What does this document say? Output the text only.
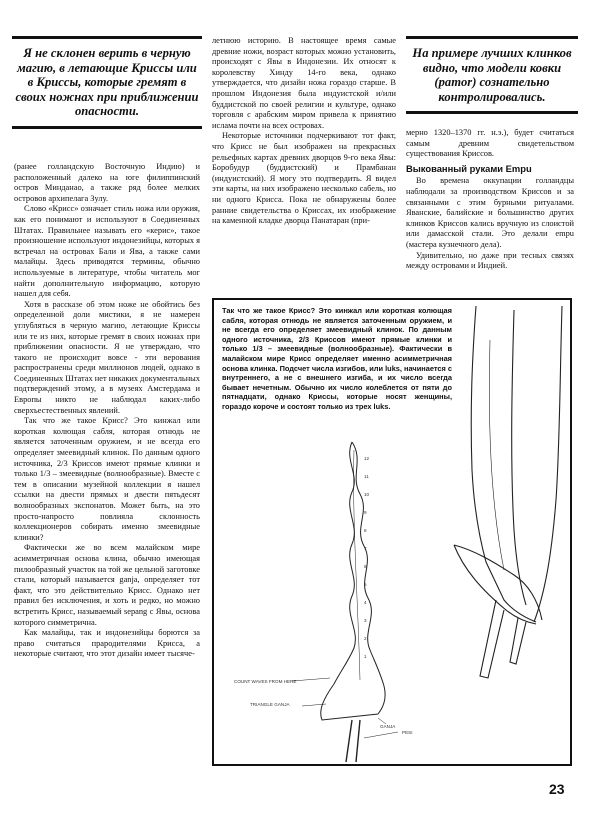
Я не склонен верить в черную магию, в летающие Криссы или в Криссы, которые гремят в своих ножнах при приближении опасности.

(ранее голландскую Восточную Индию) и расположенный далеко на юге филиппинский остров Минданао, а также ряд более мелких островов архипелага Зулу.

Слово «Крисс» означает стиль ножа или оружия, как его понимают и используют в Соединенных Штатах. Правильнее называть его «керис», такое произношение используют индонезийцы, которых я встречал на островах Бали и Ява, а также сами малайцы. Здесь приводятся термины, обычно используемые в литературе, чтобы читатель мог найти дополнительную информацию, которую нашел для себя.

Хотя в рассказе об этом ноже не обойтись без определенной доли мистики, я не намерен углубляться в черную магию, летающие Криссы или те из них, которые гремят в своих ножнах при приближении опасности. Я не утверждаю, что такого не происходит вовсе - эти верования распространены среди миллионов людей, однако в Соединенных Штатах нет никаких документальных подтверждений этому, а в музеях Амстердама и Европы никто не наблюдал каких-либо сверхъестественных явлений.

Так что же такое Крисс? Это кинжал или короткая колющая сабля, которая отнюдь не является заточенным оружием, и не всегда его определяет змеевидный клинок. По данным одного источника, 2/3 Криссов имеют прямые клинки и только 1/3 – змеевидные (волнообразные). Вместе с тем в описании музейной коллекции я нашел ссылки на двести прямых и двести пятьдесят волнообразных экспонатов. Может быть, на это просто-напросто повлияла склонность коллекционеров собирать именно змеевидные клинки?

Фактически же во всем малайском мире асимметричная основа клина, обычно имеющая пилообразный участок на той же цельной заготовке стали, который называется ganja, определяет тот факт, что это действительно Крисс. Однако нет правил без исключения, и хоть и редко, но можно встретить Крисс, называемый sepang с Явы, основа которого симметрична.

Как малайцы, так и индонезийцы борются за право считаться прародителями Крисса, а некоторые считают, что этот дизайн имеет тысяче-

летнюю историю. В настоящее время самые древние ножи, возраст которых можно установить, происходят с Явы в Индонезии. Их относят к королевству Хинду 14-го века, однако утверждается, что дизайн ножа гораздо старше. В прошлом Индонезия была индуистской и/или буддистской по своей религии и культуре, однако торговля с арабским миром привела к принятию ислама почти на всех островах.

Некоторые источники подчеркивают тот факт, что Крисс не был изображен на прекрасных рельефных картах древних дворцов 9-го века Явы: Боробудур (буддистский) и Прамбанан (индуистский). Я могу это подтвердить. Я видел эти карты, на них изображено несколько сабель, но ни одного Крисса. Пока не обнаружены более ранние свидетельства о Криссах, их изображение на каменной кладке дворца Панатаран (при-

На примере лучших клинков видно, что модели ковки (pamor) сознательно контролировались.

мерно 1320–1370 гг. н.э.), будет считаться самым древним свидетельством существования Криссов.

Выкованный руками Empu

Во времена оккупации голландцы наблюдали за производством Криссов и за связанными с этим бурными ритуалами. Яванские, балийские и большинство других клинков Криссов кались вручную из слоистой или дамасской стали. Это делали empu (мастера кузнечного дела).

Удивительно, но даже при тесных связях между островами и Индией.

Так что же такое Крисс? Это кинжал или короткая колющая сабля, которая отнюдь не является заточенным оружием, и не всегда его определяет змеевидный клинок. По данным одного источника, 2/3 Криссов имеют прямые клинки и только 1/3 – змеевидные (волнообразные). Фактически в малайском мире Крисс определяет именно асимметричная основа клинка. Подсчет числа изгибов, или luks, начинается с внутреннего, а не с внешнего изгиба, и их число всегда бывает нечетным. Обычно их число колеблется от пяти до пятнадцати, однако Криссы, которые носят женщины, гораздо короче и состоят только из трех luks.
COUNT WAVES FROM HERE
TRIANGLE GANJA
GANJA
PESI
1
2
3
4
5
6
7
8
9
10
11
12
23
